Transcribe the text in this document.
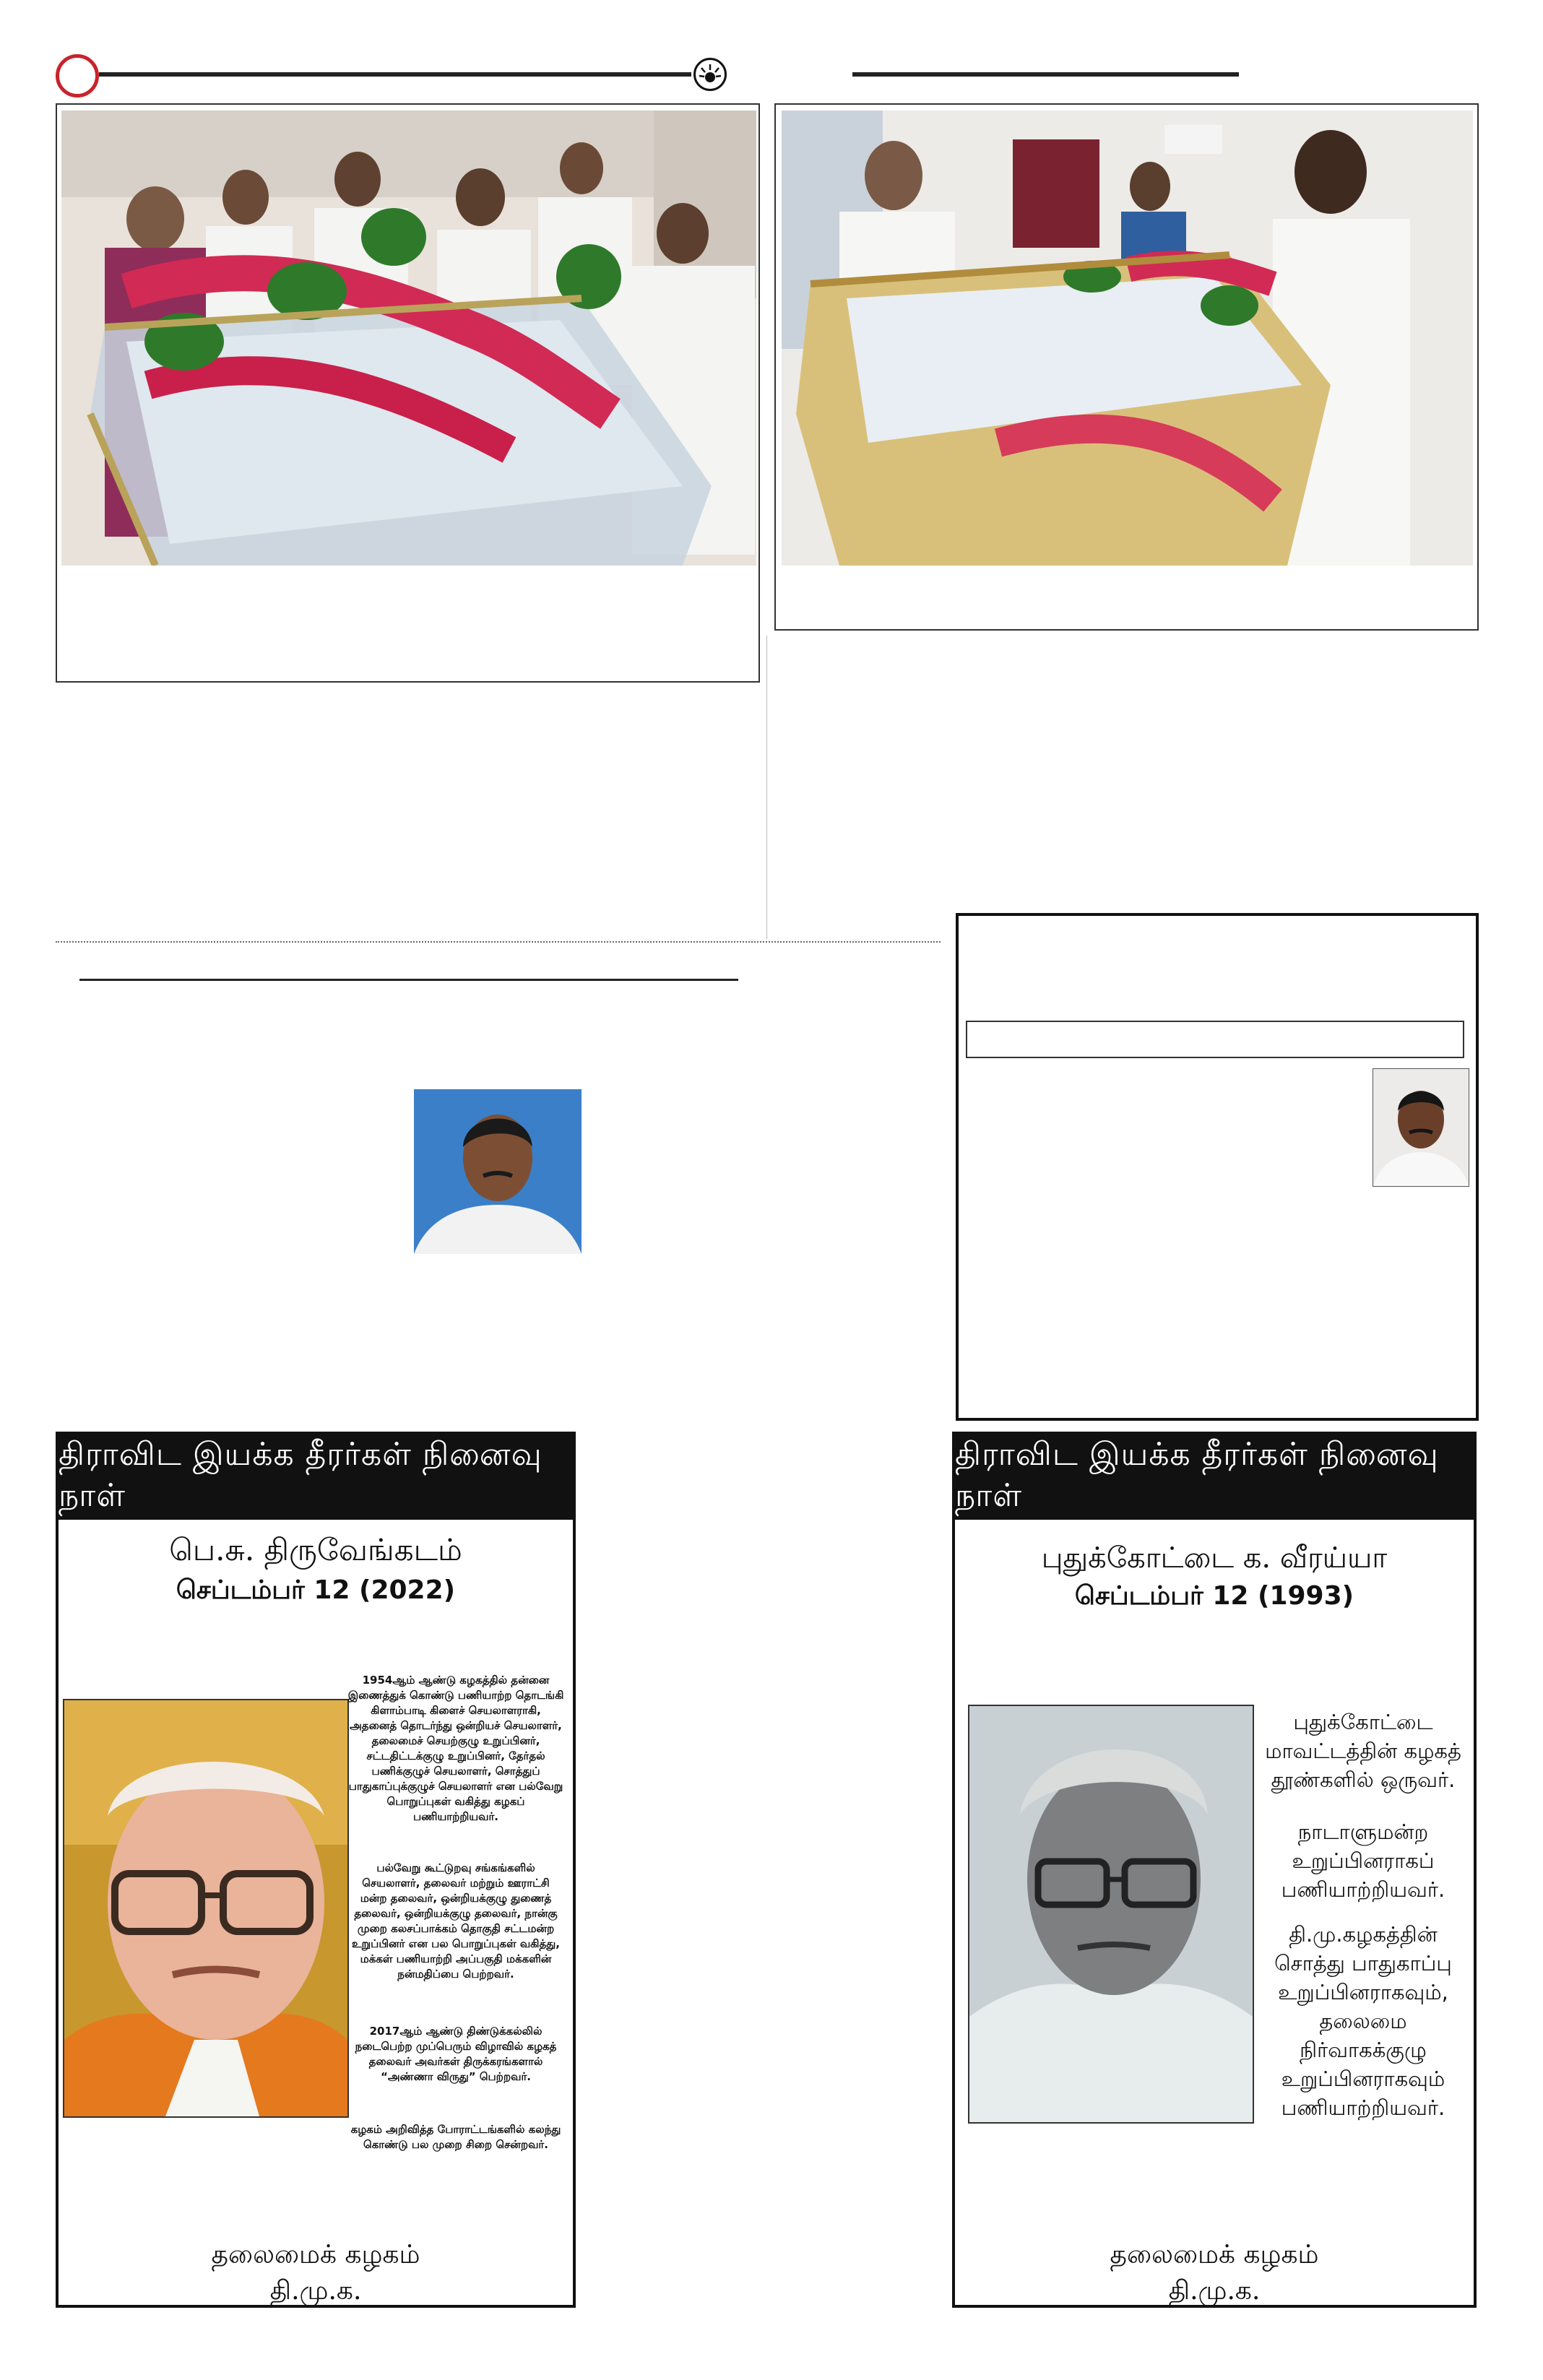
திராவிட இயக்க தீரர்கள் நினைவு நாள்
பெ.சு. திருவேங்கடம்
செப்டம்பர் 12 (2022)
1954ஆம் ஆண்டு கழகத்தில் தன்னை இணைத்துக் கொண்டு பணியாற்ற தொடங்கி கிளாம்பாடி கிளைச் செயலாளராகி, அதனைத் தொடர்ந்து ஒன்றியச் செயலாளர், தலைமைச் செயற்குழு உறுப்பினர், சட்டதிட்டக்குழு உறுப்பினர், தேர்தல் பணிக்குழுச் செயலாளர், சொத்துப் பாதுகாப்புக்குழுச் செயலாளர் என பல்வேறு பொறுப்புகள் வகித்து கழகப் பணியாற்றியவர்.
பல்வேறு கூட்டுறவு சங்கங்களில் செயலாளர், தலைவர் மற்றும் ஊராட்சி மன்ற தலைவர், ஒன்றியக்குழு துணைத் தலைவர், ஒன்றியக்குழு தலைவர், நான்கு முறை கலசப்பாக்கம் தொகுதி சட்டமன்ற உறுப்பினர் என பல பொறுப்புகள் வகித்து, மக்கள் பணியாற்றி அப்பகுதி மக்களின் நன்மதிப்பை பெற்றவர்.
2017ஆம் ஆண்டு திண்டுக்கல்லில் நடைபெற்ற முப்பெரும் விழாவில் கழகத் தலைவர் அவர்கள் திருக்கரங்களால் “அண்ணா விருது” பெற்றவர்.
கழகம் அறிவித்த போராட்டங்களில் கலந்து கொண்டு பல முறை சிறை சென்றவர்.
தலைமைக் கழகம்
தி.மு.க.
திராவிட இயக்க தீரர்கள் நினைவு நாள்
புதுக்கோட்டை க. வீரய்யா
செப்டம்பர் 12 (1993)
புதுக்கோட்டை மாவட்டத்தின் கழகத் தூண்களில் ஒருவர்.
நாடாளுமன்ற உறுப்பினராகப் பணியாற்றியவர்.
தி.மு.கழகத்தின் சொத்து பாதுகாப்பு உறுப்பினராகவும், தலைமை நிர்வாகக்குழு உறுப்பினராகவும் பணியாற்றியவர்.
தலைமைக் கழகம்
தி.மு.க.
